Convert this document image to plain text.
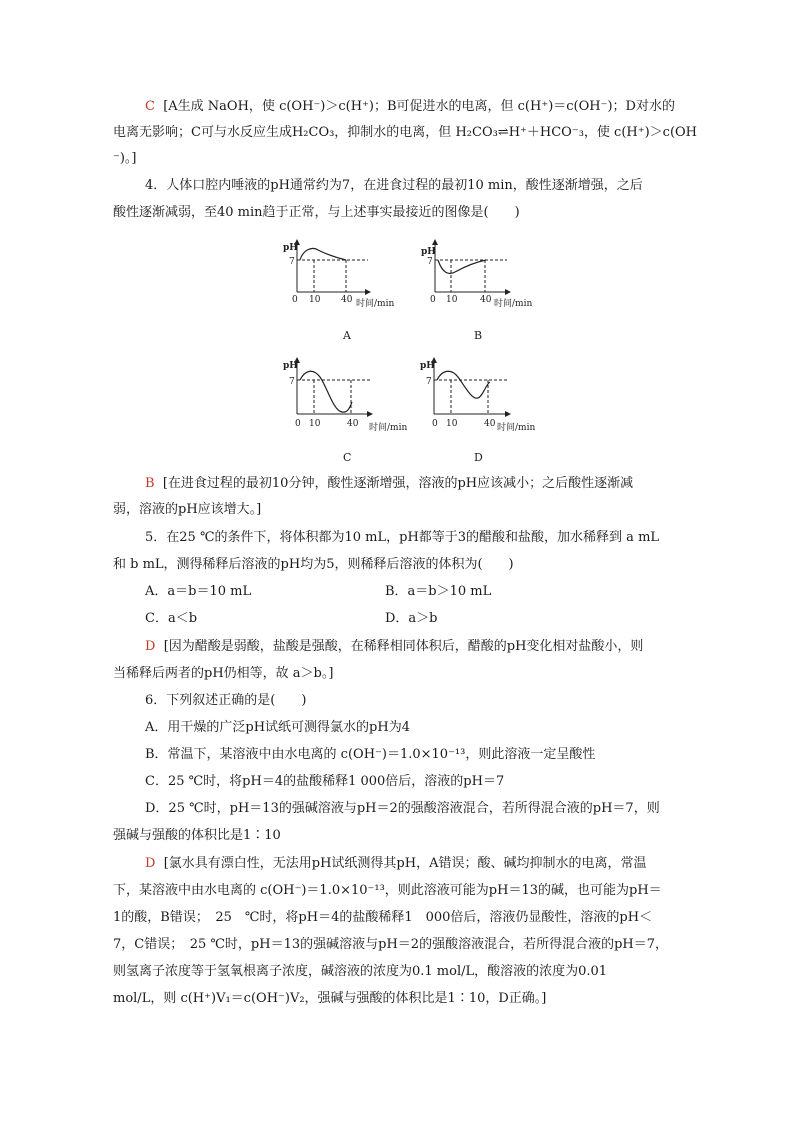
C [A生成 NaOH，使 c(OH⁻)＞c(H⁺)；B可促进水的电离，但 c(H⁺)＝c(OH⁻)；D对水的
电离无影响；C可与水反应生成H₂CO₃，抑制水的电离，但 H₂CO₃⇌H⁺＋HCO⁻₃，使 c(H⁺)＞c(OH
⁻)。]
4．人体口腔内唾液的pH通常约为7，在进食过程的最初10 min，酸性逐渐增强，之后
酸性逐渐减弱，至40 min趋于正常，与上述事实最接近的图像是(　　)
pH
7
0 10 40 时间/min
A
pH
7
0 10	40 时间/min
B
pH
7
0 10	40 时间/min
C
pH
7
0 10	40 时间/min
D
B [在进食过程的最初10分钟，酸性逐渐增强，溶液的pH应该减小；之后酸性逐渐减
弱，溶液的pH应该增大。]
5．在25 ℃的条件下，将体积都为10 mL，pH都等于3的醋酸和盐酸，加水稀释到 a mL
和 b mL，测得稀释后溶液的pH均为5，则稀释后溶液的体积为(　　)
A．a＝b＝10 mL	B．a＝b＞10 mL
C．a＜b	D．a＞b
D [因为醋酸是弱酸，盐酸是强酸，在稀释相同体积后，醋酸的pH变化相对盐酸小，则
当稀释后两者的pH仍相等，故 a＞b。]
6．下列叙述正确的是(　　)
A．用干燥的广泛pH试纸可测得氯水的pH为4
B．常温下，某溶液中由水电离的 c(OH⁻)＝1.0×10⁻¹³，则此溶液一定呈酸性
C．25 ℃时，将pH＝4的盐酸稀释1 000倍后，溶液的pH＝7
D．25 ℃时，pH＝13的强碱溶液与pH＝2的强酸溶液混合，若所得混合液的pH＝7，则
强碱与强酸的体积比是1∶10
D [氯水具有漂白性，无法用pH试纸测得其pH，A错误；酸、碱均抑制水的电离，常温
下，某溶液中由水电离的 c(OH⁻)＝1.0×10⁻¹³，则此溶液可能为pH＝13的碱，也可能为pH＝
1的酸，B错误；　25　℃时，将pH＝4的盐酸稀释1　000倍后，溶液仍显酸性，溶液的pH＜
7，C错误；　25 ℃时，pH＝13的强碱溶液与pH＝2的强酸溶液混合，若所得混合液的pH＝7，
则氢离子浓度等于氢氧根离子浓度，碱溶液的浓度为0.1 mol/L，酸溶液的浓度为0.01
mol/L，则 c(H⁺)V₁＝c(OH⁻)V₂，强碱与强酸的体积比是1∶10，D正确。]
